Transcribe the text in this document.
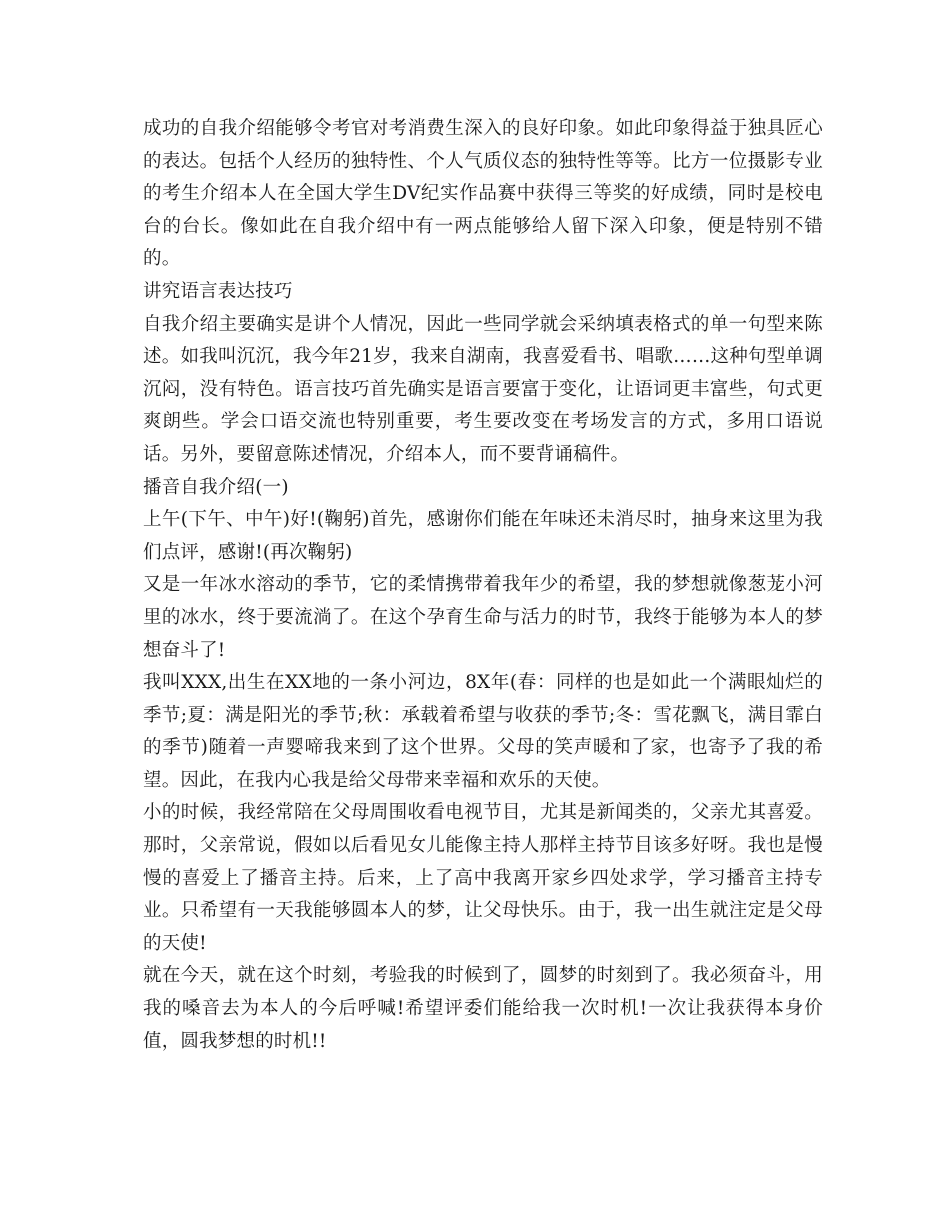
成功的自我介绍能够令考官对考消费生深入的良好印象。如此印象得益于独具匠心的表达。包括个人经历的独特性、个人气质仪态的独特性等等。比方一位摄影专业的考生介绍本人在全国大学生DV纪实作品赛中获得三等奖的好成绩，同时是校电台的台长。像如此在自我介绍中有一两点能够给人留下深入印象，便是特别不错的。

讲究语言表达技巧

自我介绍主要确实是讲个人情况，因此一些同学就会采纳填表格式的单一句型来陈述。如我叫沉沉，我今年21岁，我来自湖南，我喜爱看书、唱歌……这种句型单调沉闷，没有特色。语言技巧首先确实是语言要富于变化，让语词更丰富些，句式更爽朗些。学会口语交流也特别重要，考生要改变在考场发言的方式，多用口语说话。另外，要留意陈述情况，介绍本人，而不要背诵稿件。

播音自我介绍(一)

上午(下午、中午)好!(鞠躬)首先，感谢你们能在年味还未消尽时，抽身来这里为我们点评，感谢!(再次鞠躬)

又是一年冰水溶动的季节，它的柔情携带着我年少的希望，我的梦想就像葱茏小河里的冰水，终于要流淌了。在这个孕育生命与活力的时节，我终于能够为本人的梦想奋斗了!

我叫XXX,出生在XX地的一条小河边，8X年(春：同样的也是如此一个满眼灿烂的季节;夏：满是阳光的季节;秋：承载着希望与收获的季节;冬：雪花飘飞，满目霏白的季节)随着一声婴啼我来到了这个世界。父母的笑声暖和了家，也寄予了我的希望。因此，在我内心我是给父母带来幸福和欢乐的天使。

小的时候，我经常陪在父母周围收看电视节目，尤其是新闻类的，父亲尤其喜爱。那时，父亲常说，假如以后看见女儿能像主持人那样主持节目该多好呀。我也是慢慢的喜爱上了播音主持。后来，上了高中我离开家乡四处求学，学习播音主持专业。只希望有一天我能够圆本人的梦，让父母快乐。由于，我一出生就注定是父母的天使!

就在今天，就在这个时刻，考验我的时候到了，圆梦的时刻到了。我必须奋斗，用我的嗓音去为本人的今后呼喊!希望评委们能给我一次时机!一次让我获得本身价值，圆我梦想的时机!!
